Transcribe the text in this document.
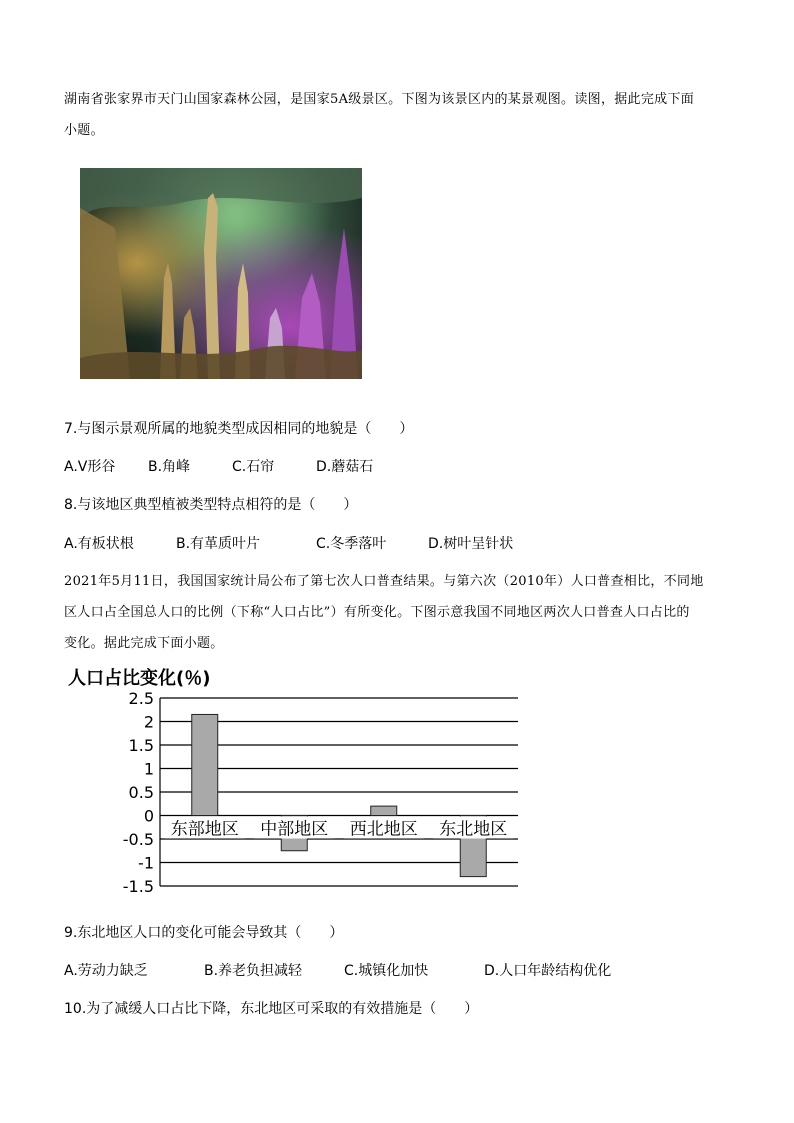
湖南省张家界市天门山国家森林公园，是国家5A级景区。下图为该景区内的某景观图。读图，据此完成下面
小题。
7.与图示景观所属的地貌类型成因相同的地貌是（　　）
A.V形谷 B.角峰	C.石帘	D.蘑菇石
8.与该地区典型植被类型特点相符的是（　　）
A.有板状根	B.有革质叶片	C.冬季落叶	D.树叶呈针状
2021年5月11日，我国国家统计局公布了第七次人口普查结果。与第六次（2010年）人口普查相比，不同地
区人口占全国总人口的比例（下称“人口占比”）有所变化。下图示意我国不同地区两次人口普查人口占比的
变化。据此完成下面小题。
人口占比变化(％)
2.5
2
1.5
1
0.5
0
-0.5
-1
-1.5
东部地区 中部地区 西北地区 东北地区
9.东北地区人口的变化可能会导致其（　　）
A.劳动力缺乏	B.养老负担减轻	C.城镇化加快	D.人口年龄结构优化
10.为了减缓人口占比下降，东北地区可采取的有效措施是（　　）
